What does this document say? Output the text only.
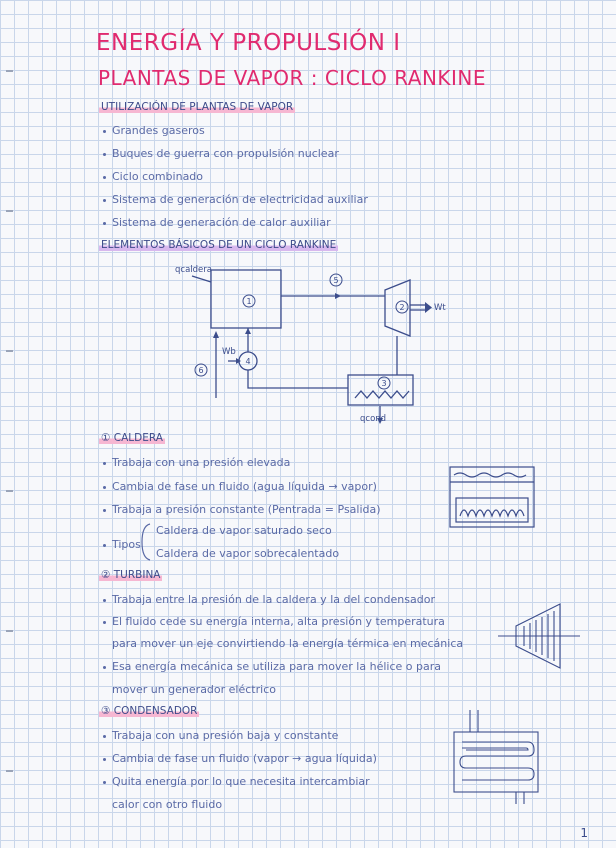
ENERGÍA Y PROPULSIÓN I
PLANTAS DE VAPOR : CICLO RANKINE
UTILIZACIÓN DE PLANTAS DE VAPOR
Grandes gaseros
Buques de guerra con propulsión nuclear
Ciclo combinado
Sistema de generación de electricidad auxiliar
Sistema de generación de calor auxiliar
ELEMENTOS BÁSICOS DE UN CICLO RANKINE
1
2
3
5
6
4
qcaldera
Wt
Wb
qcond
① CALDERA
Trabaja con una presión elevada
Cambia de fase un fluido (agua líquida → vapor)
Trabaja a presión constante (Pentrada = Psalida)
Tipos
Caldera de vapor saturado seco
Caldera de vapor sobrecalentado
② TURBINA
Trabaja entre la presión de la caldera y la del condensador
El fluido cede su energía interna, alta presión y temperatura
para mover un eje convirtiendo la energía térmica en mecánica
Esa energía mecánica se utiliza para mover la hélice o para
mover un generador eléctrico
③ CONDENSADOR
Trabaja con una presión baja y constante
Cambia de fase un fluido (vapor → agua líquida)
Quita energía por lo que necesita intercambiar
calor con otro fluido
1
